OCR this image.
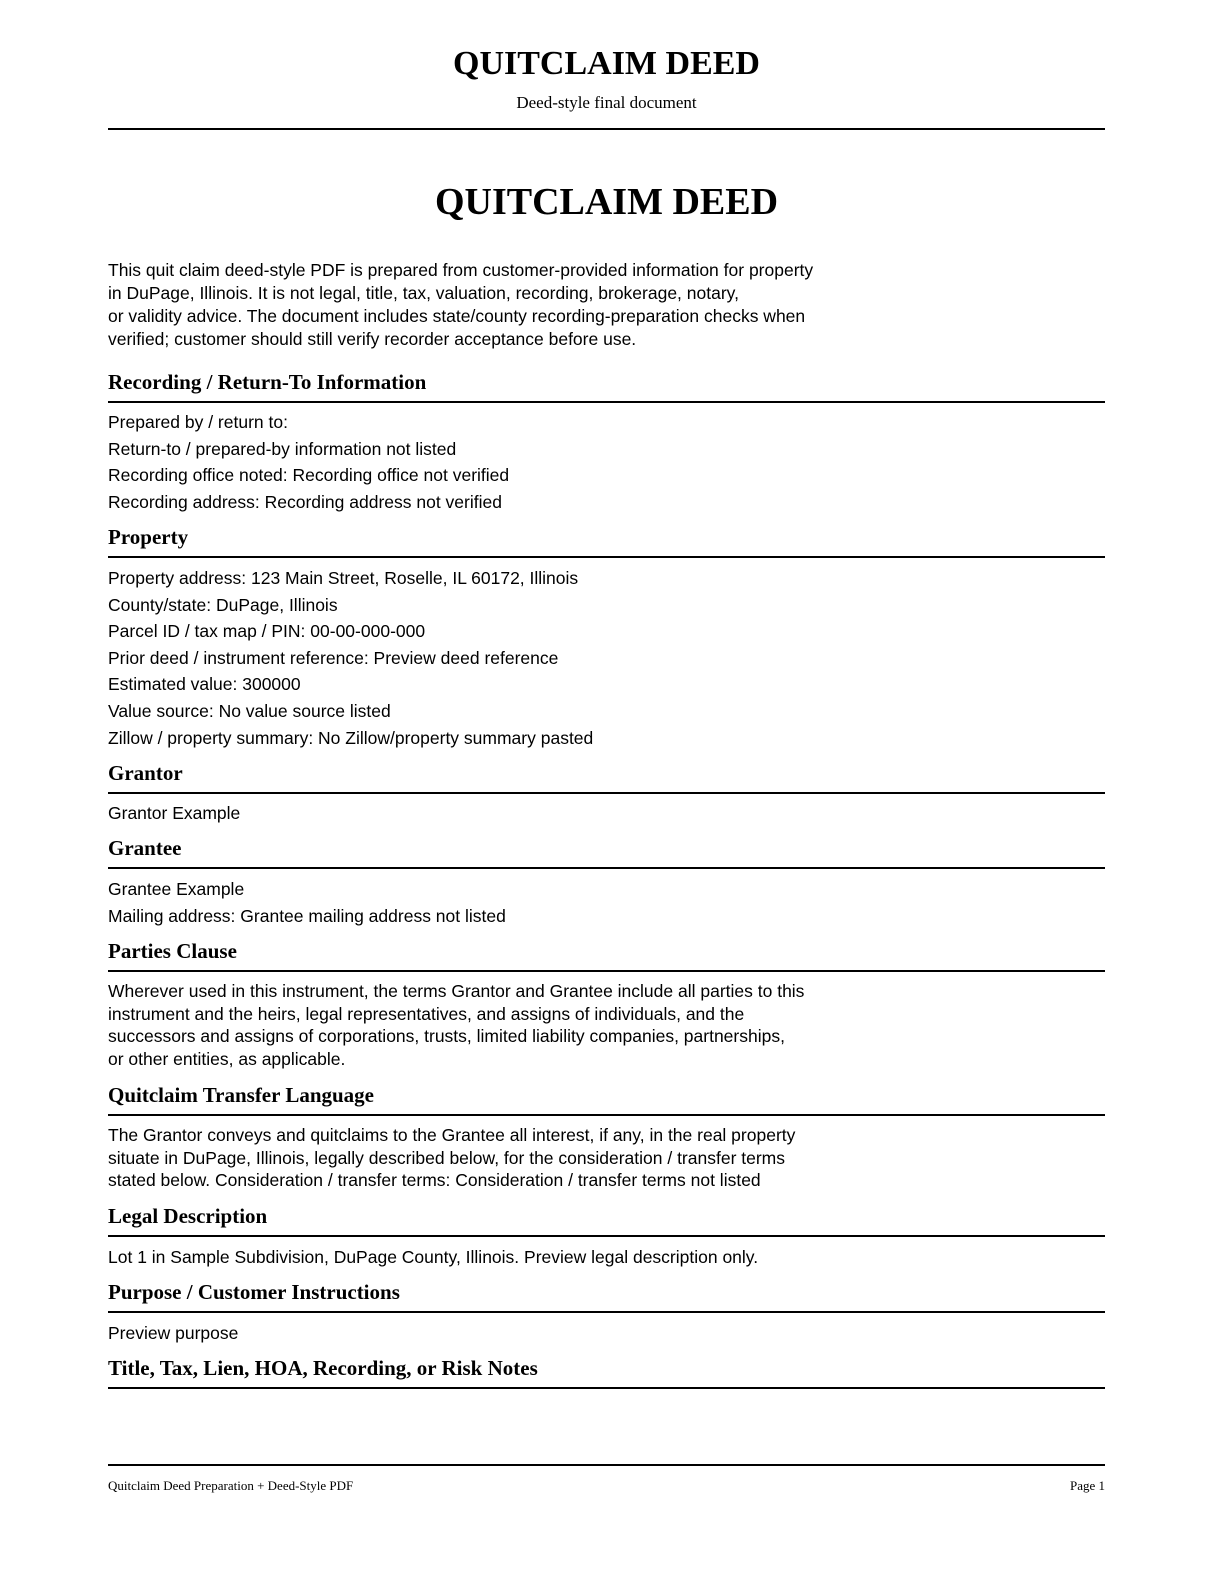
QUITCLAIM DEED
Deed-style final document
QUITCLAIM DEED
This quit claim deed-style PDF is prepared from customer-provided information for property
in DuPage, Illinois. It is not legal, title, tax, valuation, recording, brokerage, notary,
or validity advice. The document includes state/county recording-preparation checks when
verified; customer should still verify recorder acceptance before use.
Recording / Return-To Information
Prepared by / return to:
Return-to / prepared-by information not listed
Recording office noted: Recording office not verified
Recording address: Recording address not verified
Property
Property address: 123 Main Street, Roselle, IL 60172, Illinois
County/state: DuPage, Illinois
Parcel ID / tax map / PIN: 00-00-000-000
Prior deed / instrument reference: Preview deed reference
Estimated value: 300000
Value source: No value source listed
Zillow / property summary: No Zillow/property summary pasted
Grantor
Grantor Example
Grantee
Grantee Example
Mailing address: Grantee mailing address not listed
Parties Clause
Wherever used in this instrument, the terms Grantor and Grantee include all parties to this
instrument and the heirs, legal representatives, and assigns of individuals, and the
successors and assigns of corporations, trusts, limited liability companies, partnerships,
or other entities, as applicable.
Quitclaim Transfer Language
The Grantor conveys and quitclaims to the Grantee all interest, if any, in the real property
situate in DuPage, Illinois, legally described below, for the consideration / transfer terms
stated below. Consideration / transfer terms: Consideration / transfer terms not listed
Legal Description
Lot 1 in Sample Subdivision, DuPage County, Illinois. Preview legal description only.
Purpose / Customer Instructions
Preview purpose
Title, Tax, Lien, HOA, Recording, or Risk Notes
Quitclaim Deed Preparation + Deed-Style PDF	Page 1
